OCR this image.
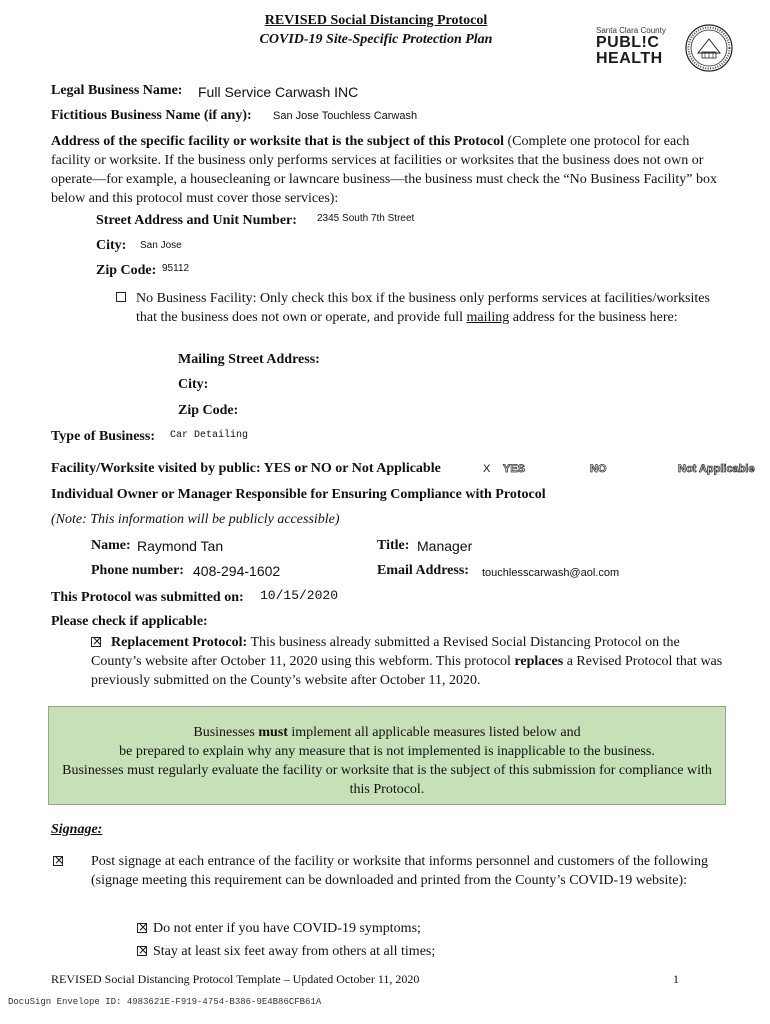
REVISED Social Distancing Protocol
COVID-19 Site-Specific Protection Plan
Santa Clara County
PUBL!C
HEALTH
Legal Business Name: Full Service Carwash INC
Fictitious Business Name (if any): San Jose Touchless Carwash
Address of the specific facility or worksite that is the subject of this Protocol (Complete one protocol for each facility or worksite. If the business only performs services at facilities or worksites that the business does not own or operate—for example, a housecleaning or lawncare business—the business must check the “No Business Facility” box below and this protocol must cover those services):
Street Address and Unit Number: 2345 South 7th Street
City: San Jose
Zip Code: 95112
No Business Facility: Only check this box if the business only performs services at facilities/worksites that the business does not own or operate, and provide full mailing address for the business here:
Mailing Street Address:
City:
Zip Code:
Type of Business: Car Detailing
Facility/Worksite visited by public: YES or NO or Not Applicable	X YES	NO	Not Applicable
Individual Owner or Manager Responsible for Ensuring Compliance with Protocol
(Note: This information will be publicly accessible)
Name: Raymond Tan	Title: Manager
Phone number: 408-294-1602	Email Address: touchlesscarwash@aol.com
This Protocol was submitted on: 10/15/2020
Please check if applicable:
×
Replacement Protocol: This business already submitted a Revised Social Distancing Protocol on the County’s website after October 11, 2020 using this webform. This protocol replaces a Revised Protocol that was previously submitted on the County’s website after October 11, 2020.
Businesses must implement all applicable measures listed below and
be prepared to explain why any measure that is not implemented is inapplicable to the business.
Businesses must regularly evaluate the facility or worksite that is the subject of this submission for compliance with this Protocol.
Signage:
×
Post signage at each entrance of the facility or worksite that informs personnel and customers of the following (signage meeting this requirement can be downloaded and printed from the County’s COVID-19 website):
×Do not enter if you have COVID-19 symptoms;
×Stay at least six feet away from others at all times;
REVISED Social Distancing Protocol Template – Updated October 11, 2020	1
DocuSign Envelope ID: 4983621E-F919-4754-B386-9E4B86CFB61A
